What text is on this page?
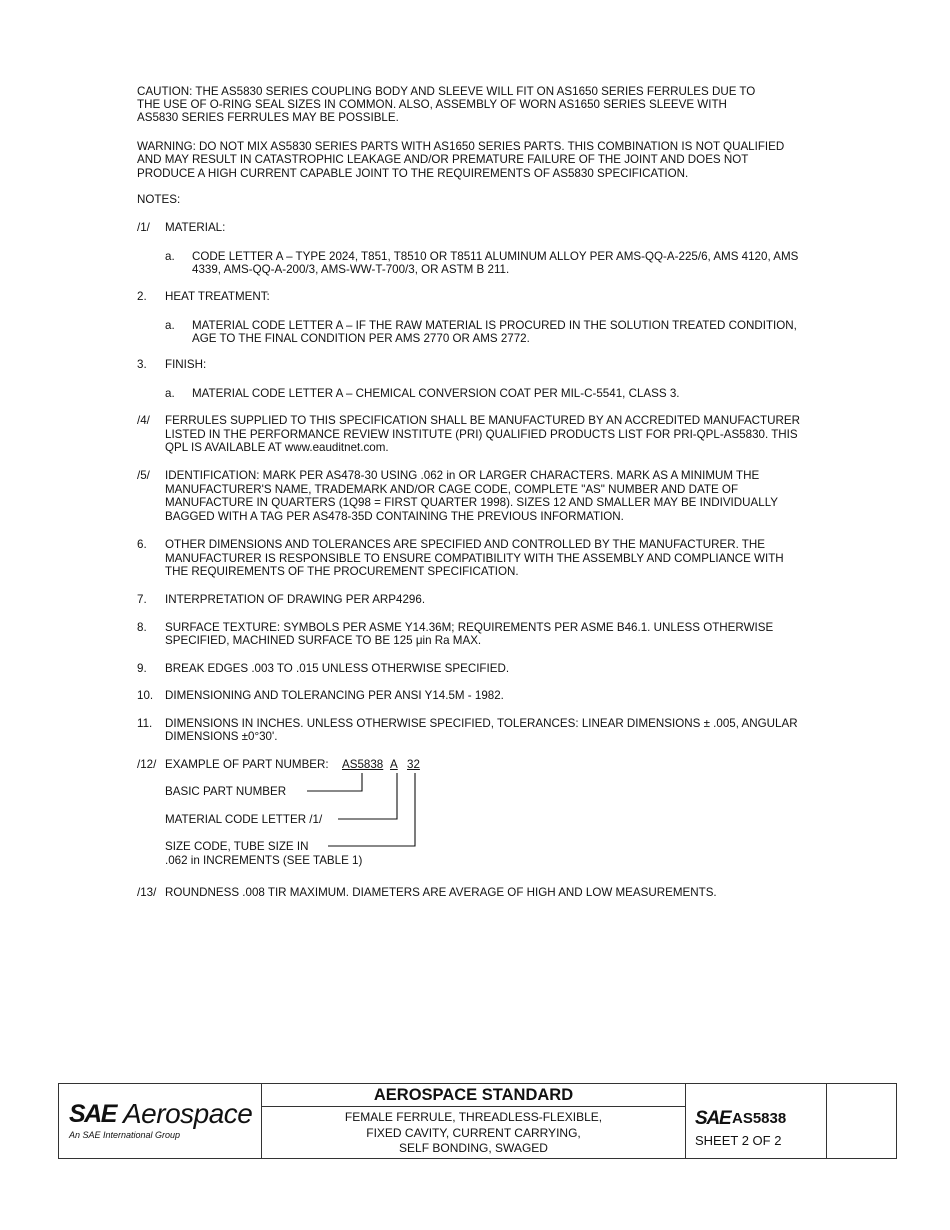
CAUTION: THE AS5830 SERIES COUPLING BODY AND SLEEVE WILL FIT ON AS1650 SERIES FERRULES DUE TO

THE USE OF O-RING SEAL SIZES IN COMMON. ALSO, ASSEMBLY OF WORN AS1650 SERIES SLEEVE WITH

AS5830 SERIES FERRULES MAY BE POSSIBLE.

WARNING: DO NOT MIX AS5830 SERIES PARTS WITH AS1650 SERIES PARTS. THIS COMBINATION IS NOT QUALIFIED

AND MAY RESULT IN CATASTROPHIC LEAKAGE AND/OR PREMATURE FAILURE OF THE JOINT AND DOES NOT

PRODUCE A HIGH CURRENT CAPABLE JOINT TO THE REQUIREMENTS OF AS5830 SPECIFICATION.

NOTES:

/1/ MATERIAL:

a. CODE LETTER A – TYPE 2024, T851, T8510 OR T8511 ALUMINUM ALLOY PER AMS-QQ-A-225/6, AMS 4120, AMS

4339, AMS-QQ-A-200/3, AMS-WW-T-700/3, OR ASTM B 211.

2. HEAT TREATMENT:

a. MATERIAL CODE LETTER A – IF THE RAW MATERIAL IS PROCURED IN THE SOLUTION TREATED CONDITION,

AGE TO THE FINAL CONDITION PER AMS 2770 OR AMS 2772.

3. FINISH:

a. MATERIAL CODE LETTER A – CHEMICAL CONVERSION COAT PER MIL-C-5541, CLASS 3.

/4/ FERRULES SUPPLIED TO THIS SPECIFICATION SHALL BE MANUFACTURED BY AN ACCREDITED MANUFACTURER

LISTED IN THE PERFORMANCE REVIEW INSTITUTE (PRI) QUALIFIED PRODUCTS LIST FOR PRI-QPL-AS5830. THIS

QPL IS AVAILABLE AT www.eauditnet.com.

/5/ IDENTIFICATION: MARK PER AS478-30 USING .062 in OR LARGER CHARACTERS. MARK AS A MINIMUM THE

MANUFACTURER'S NAME, TRADEMARK AND/OR CAGE CODE, COMPLETE "AS" NUMBER AND DATE OF

MANUFACTURE IN QUARTERS (1Q98 = FIRST QUARTER 1998). SIZES 12 AND SMALLER MAY BE INDIVIDUALLY

BAGGED WITH A TAG PER AS478-35D CONTAINING THE PREVIOUS INFORMATION.

6. OTHER DIMENSIONS AND TOLERANCES ARE SPECIFIED AND CONTROLLED BY THE MANUFACTURER. THE

MANUFACTURER IS RESPONSIBLE TO ENSURE COMPATIBILITY WITH THE ASSEMBLY AND COMPLIANCE WITH

THE REQUIREMENTS OF THE PROCUREMENT SPECIFICATION.

7. INTERPRETATION OF DRAWING PER ARP4296.

8. SURFACE TEXTURE: SYMBOLS PER ASME Y14.36M; REQUIREMENTS PER ASME B46.1. UNLESS OTHERWISE

SPECIFIED, MACHINED SURFACE TO BE 125 μin Ra MAX.

9. BREAK EDGES .003 TO .015 UNLESS OTHERWISE SPECIFIED.

10. DIMENSIONING AND TOLERANCING PER ANSI Y14.5M - 1982.

11. DIMENSIONS IN INCHES. UNLESS OTHERWISE SPECIFIED, TOLERANCES: LINEAR DIMENSIONS ± .005, ANGULAR

DIMENSIONS ±0°30'.

/12/ EXAMPLE OF PART NUMBER: AS5838 A 32

BASIC PART NUMBER

MATERIAL CODE LETTER /1/

SIZE CODE, TUBE SIZE IN

.062 in INCREMENTS (SEE TABLE 1)

/13/ ROUNDNESS .008 TIR MAXIMUM. DIAMETERS ARE AVERAGE OF HIGH AND LOW MEASUREMENTS.

SAE Aerospace
An SAE International Group
AEROSPACE STANDARD
FEMALE FERRULE, THREADLESS-FLEXIBLE,
FIXED CAVITY, CURRENT CARRYING,
SELF BONDING, SWAGED
SAE AS5838
SHEET 2 OF 2
